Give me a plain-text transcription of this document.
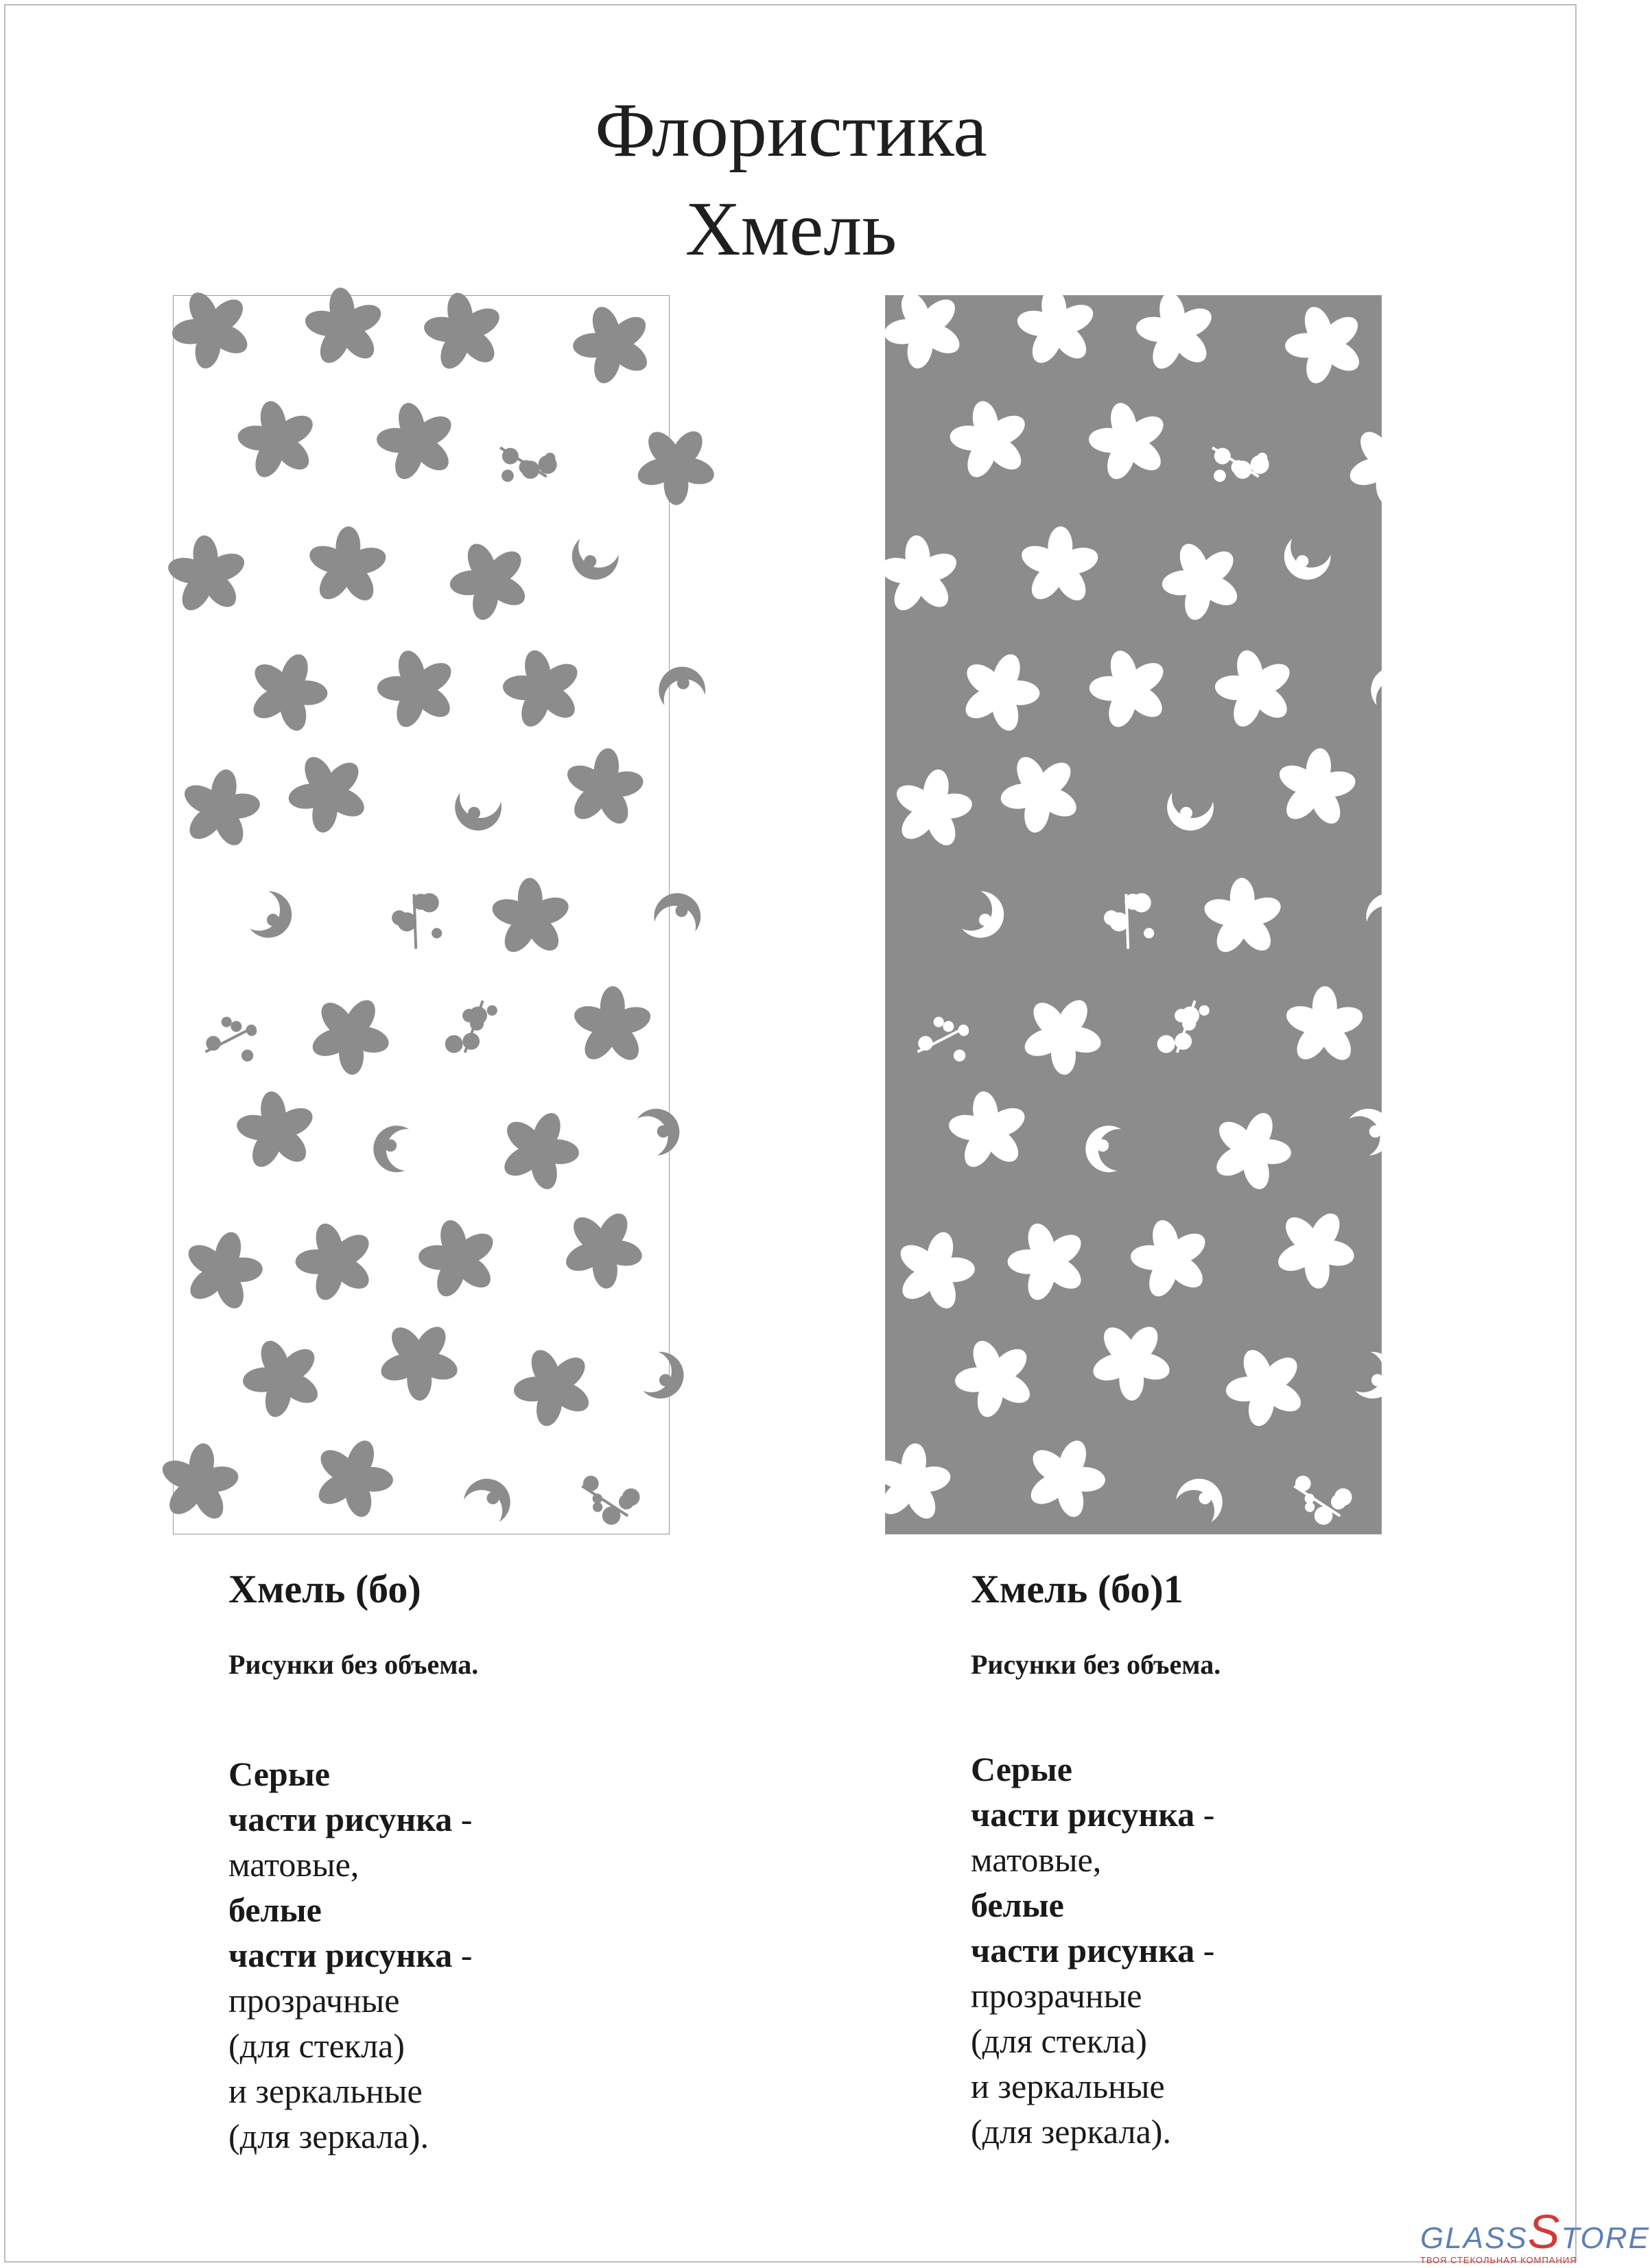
Флористика
Хмель
Хмель (бо)
Рисунки без объема.
Серые
части рисунка -
матовые,
белые
части рисунка -
прозрачные
(для стекла)
и зеркальные
(для зеркала).
Хмель (бо)1
Рисунки без объема.
Серые
части рисунка -
матовые,
белые
части рисунка -
прозрачные
(для стекла)
и зеркальные
(для зеркала).
GLASSSTORE
ТВОЯ СТЕКОЛЬНАЯ КОМПАНИЯ
